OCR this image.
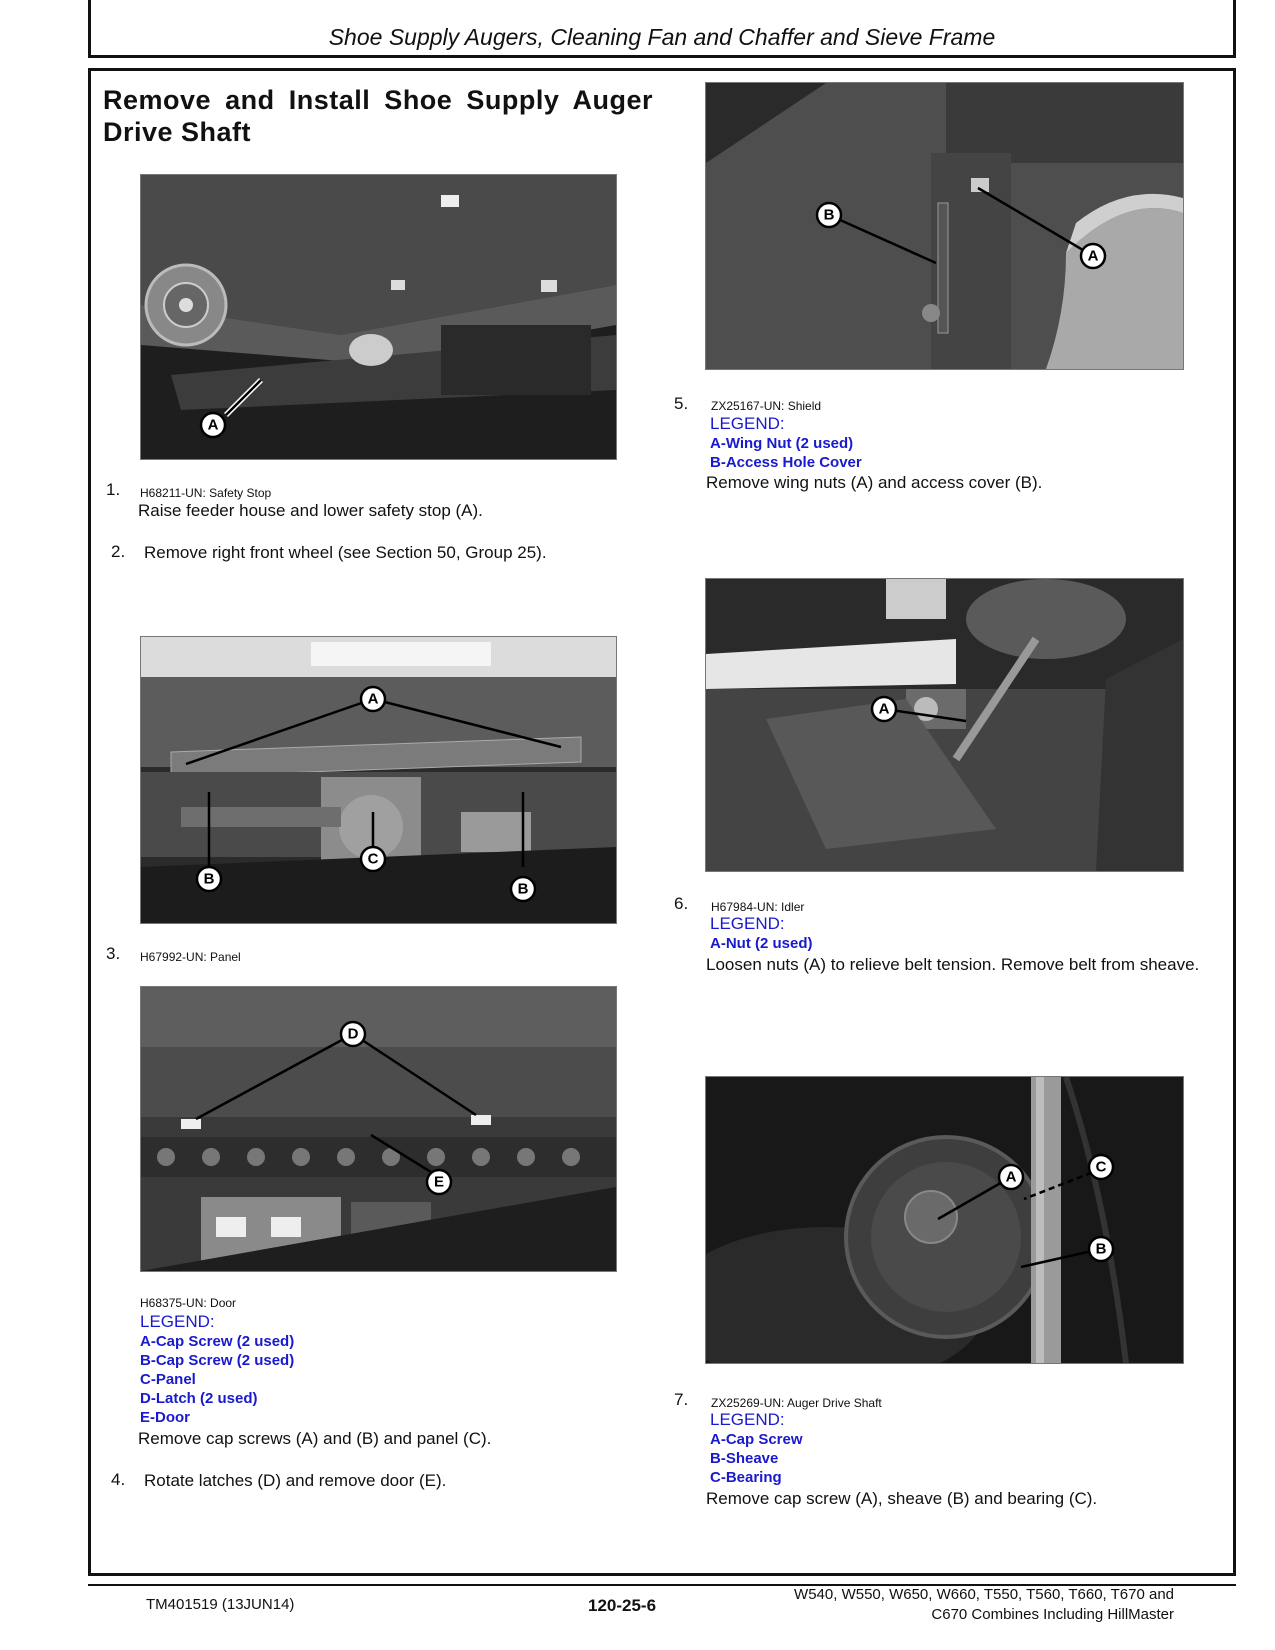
Shoe Supply Augers, Cleaning Fan and Chaffer and Sieve Frame
Remove and Install Shoe Supply Auger Drive Shaft
A
1. H68211-UN: Safety Stop
Raise feeder house and lower safety stop (A).
2. Remove right front wheel (see Section 50, Group 25).
A
C
B
B
3. H67992-UN: Panel
D
E
H68375-UN: Door
LEGEND:
A-Cap Screw (2 used)
B-Cap Screw (2 used)
C-Panel
D-Latch (2 used)
E-Door
Remove cap screws (A) and (B) and panel (C).
4. Rotate latches (D) and remove door (E).
B
A
5. ZX25167-UN: Shield
LEGEND:
A-Wing Nut (2 used)
B-Access Hole Cover
Remove wing nuts (A) and access cover (B).
A
6. H67984-UN: Idler
LEGEND:
A-Nut (2 used)
Loosen nuts (A) to relieve belt tension. Remove belt from sheave.
A
C
B
7. ZX25269-UN: Auger Drive Shaft
LEGEND:
A-Cap Screw
B-Sheave
C-Bearing
Remove cap screw (A), sheave (B) and bearing (C).
TM401519 (13JUN14)	120-25-6
W540, W550, W650, W660, T550, T560, T660, T670 and
C670 Combines Including HillMaster
